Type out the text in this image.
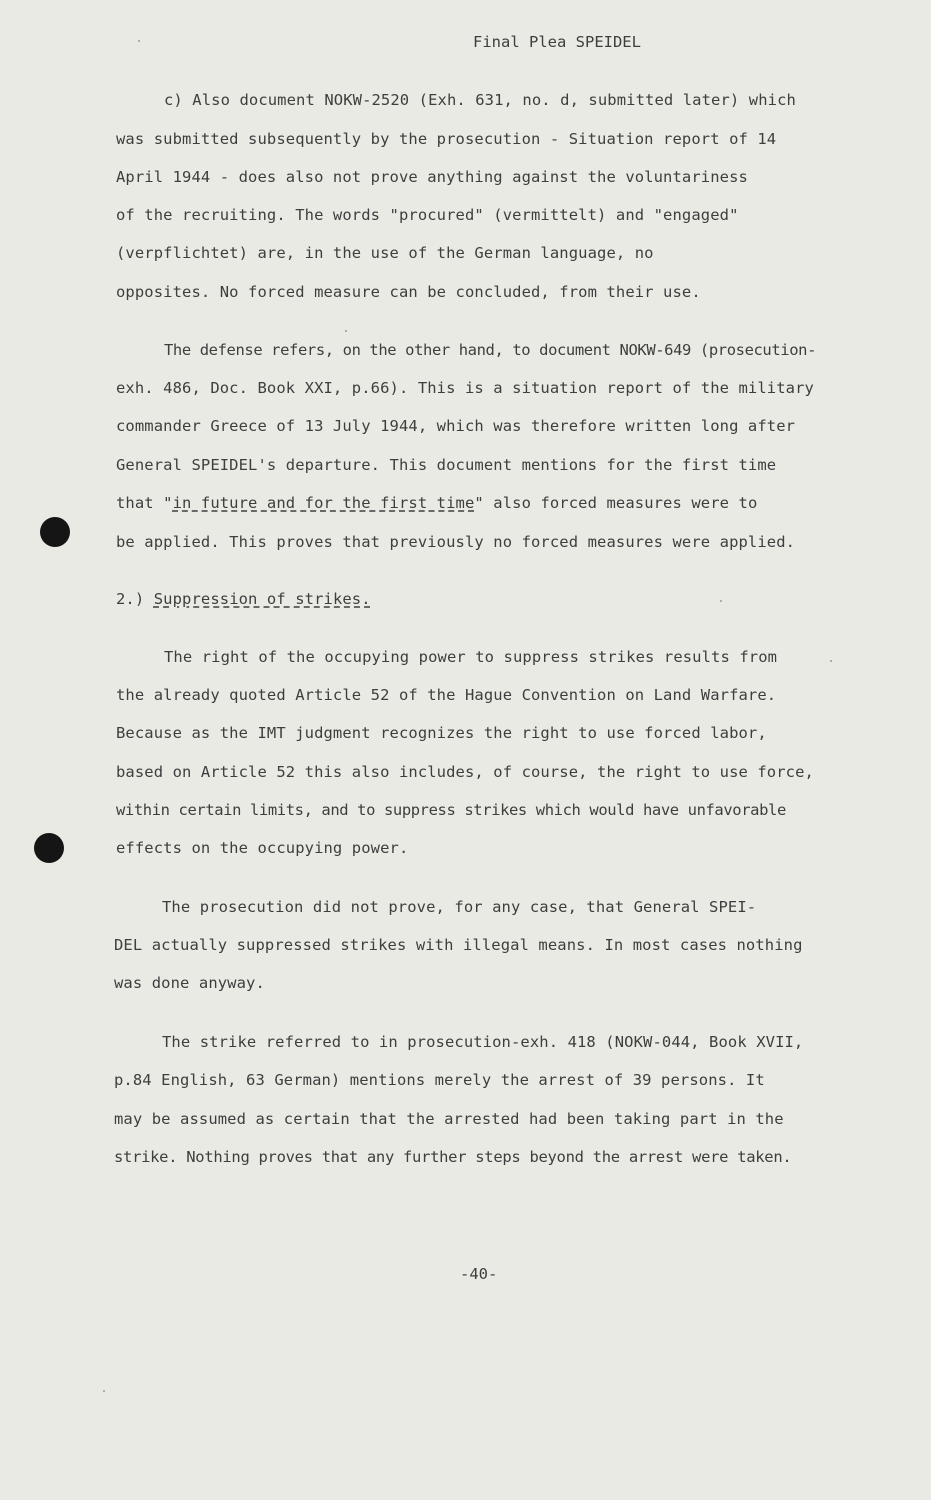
Final Plea SPEIDEL
c) Also document NOKW-2520 (Exh. 631, no. d, submitted later) which
was submitted subsequently by the prosecution - Situation report of 14
April 1944 - does also not prove anything against the voluntariness
of the recruiting. The words "procured" (vermittelt) and "engaged"
(verpflichtet) are, in the use of the German language, no
opposites. No forced measure can be concluded, from their use.
The defense refers, on the other hand, to document NOKW-649 (prosecution-
exh. 486, Doc. Book XXI, p.66). This is a situation report of the military
commander Greece of 13 July 1944, which was therefore written long after
General SPEIDEL's departure. This document mentions for the first time
that "in future and for the first time" also forced measures were to
be applied. This proves that previously no forced measures were applied.
2.) Suppression of strikes.
The right of the occupying power to suppress strikes results from
the already quoted Article 52 of the Hague Convention on Land Warfare.
Because as the IMT judgment recognizes the right to use forced labor,
based on Article 52 this also includes, of course, the right to use force,
within certain limits, and to suppress strikes which would have unfavorable
effects on the occupying power.
The prosecution did not prove, for any case, that General SPEI-
DEL actually suppressed strikes with illegal means. In most cases nothing
was done anyway.
The strike referred to in prosecution-exh. 418 (NOKW-044, Book XVII,
p.84 English, 63 German) mentions merely the arrest of 39 persons. It
may be assumed as certain that the arrested had been taking part in the
strike. Nothing proves that any further steps beyond the arrest were taken.
-40-
